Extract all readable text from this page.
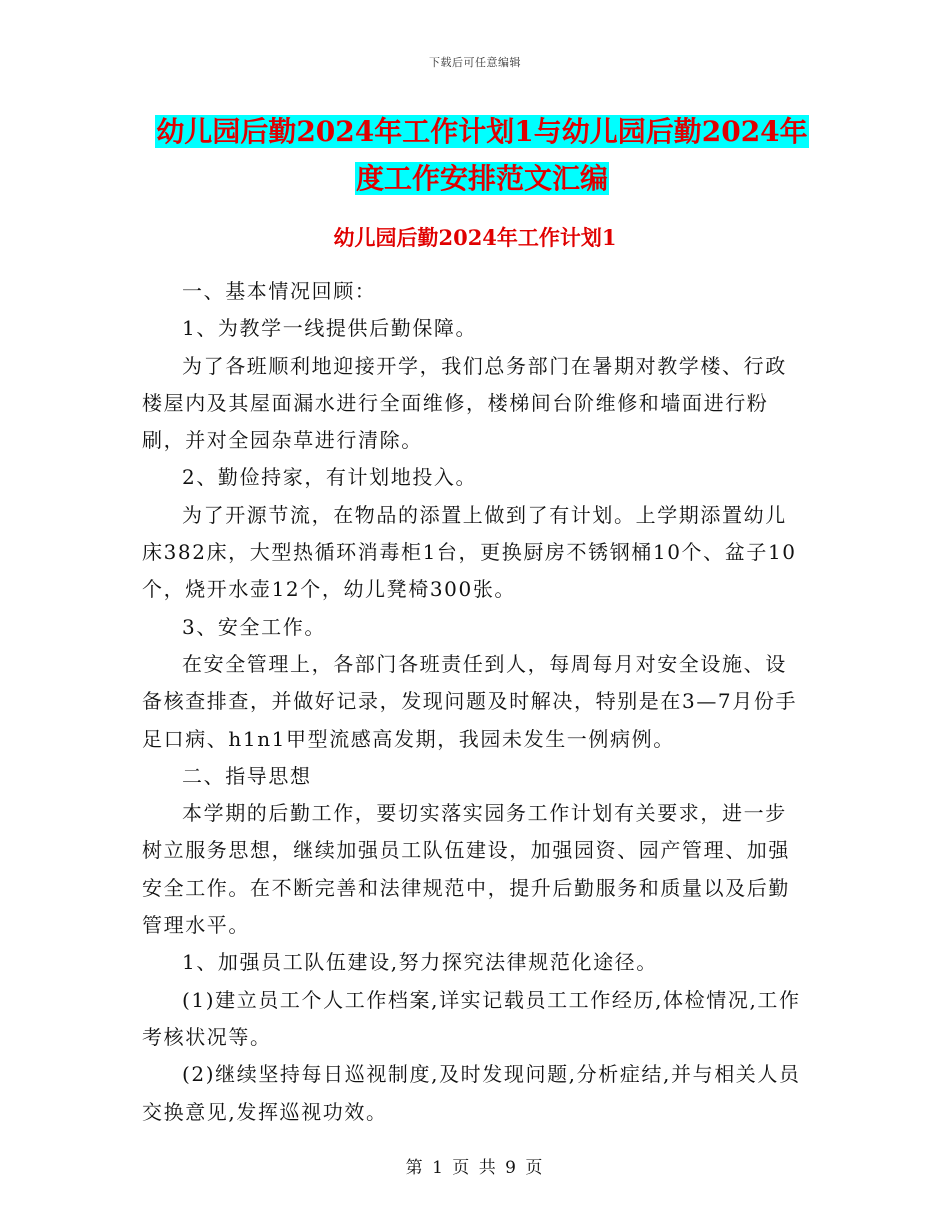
下载后可任意编辑
幼儿园后勤2024年工作计划1与幼儿园后勤2024年
度工作安排范文汇编
幼儿园后勤2024年工作计划1

一、基本情况回顾：

1、为教学一线提供后勤保障。

为了各班顺利地迎接开学，我们总务部门在暑期对教学楼、行政楼屋内及其屋面漏水进行全面维修，楼梯间台阶维修和墙面进行粉刷，并对全园杂草进行清除。

2、勤俭持家，有计划地投入。

为了开源节流，在物品的添置上做到了有计划。上学期添置幼儿床382床，大型热循环消毒柜1台，更换厨房不锈钢桶10个、盆子10个，烧开水壶12个，幼儿凳椅300张。

3、安全工作。

在安全管理上，各部门各班责任到人，每周每月对安全设施、设备核查排查，并做好记录，发现问题及时解决，特别是在3—7月份手足口病、h1n1甲型流感高发期，我园未发生一例病例。

二、指导思想

本学期的后勤工作，要切实落实园务工作计划有关要求，进一步树立服务思想，继续加强员工队伍建设，加强园资、园产管理、加强安全工作。在不断完善和法律规范中，提升后勤服务和质量以及后勤管理水平。

1、加强员工队伍建设,努力探究法律规范化途径。

(1)建立员工个人工作档案,详实记载员工工作经历,体检情况,工作考核状况等。

(2)继续坚持每日巡视制度,及时发现问题,分析症结,并与相关人员交换意见,发挥巡视功效。

第 1 页 共 9 页
